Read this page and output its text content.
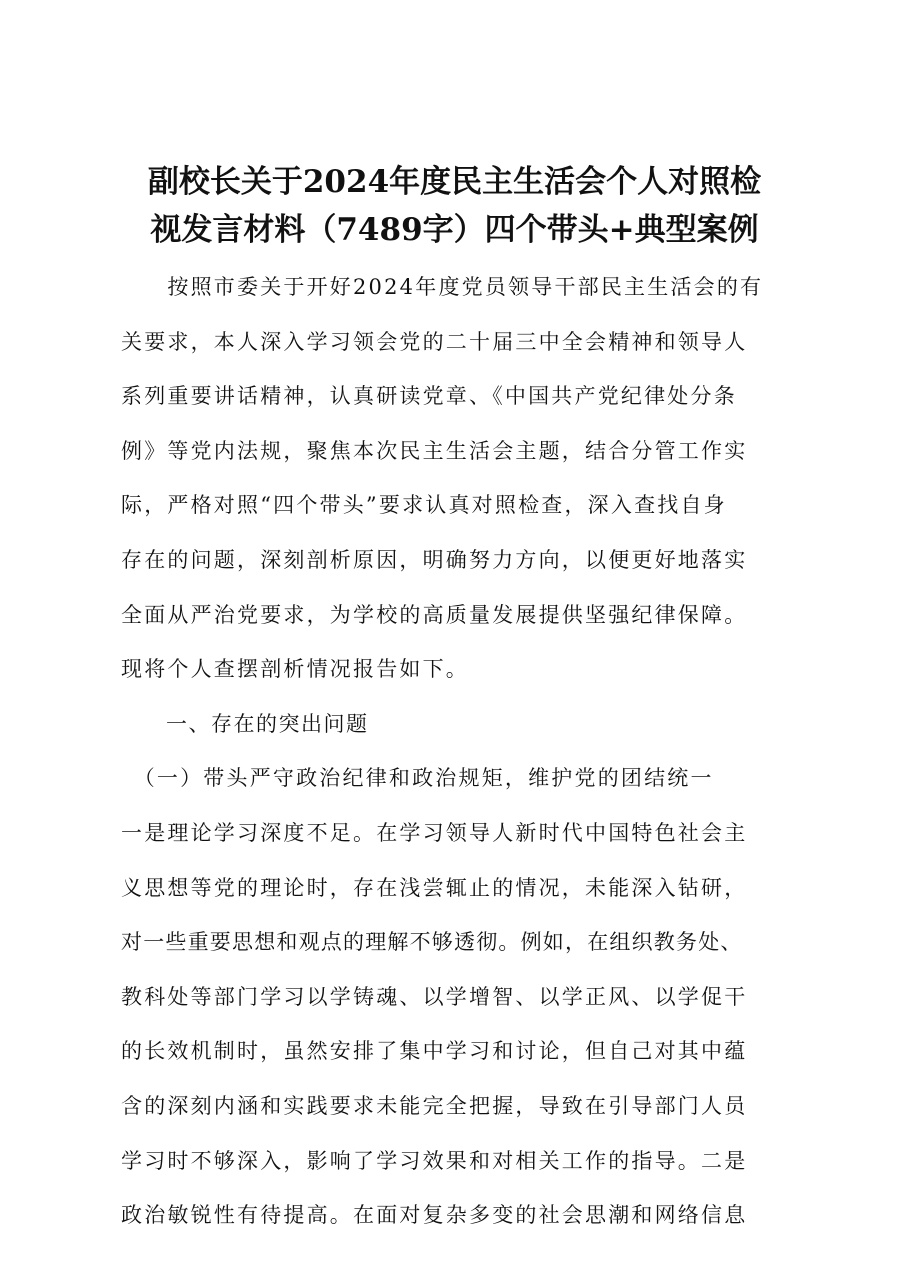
副校长关于2024年度民主生活会个人对照检
视发言材料（7489字）四个带头+典型案例
　　按照市委关于开好2024年度党员领导干部民主生活会的有
关要求，本人深入学习领会党的二十届三中全会精神和领导人
系列重要讲话精神，认真研读党章、《中国共产党纪律处分条
例》等党内法规，聚焦本次民主生活会主题，结合分管工作实
际，严格对照“四个带头”要求认真对照检查，深入查找自身
存在的问题，深刻剖析原因，明确努力方向，以便更好地落实
全面从严治党要求，为学校的高质量发展提供坚强纪律保障。
现将个人查摆剖析情况报告如下。
　　一、存在的突出问题
　（一）带头严守政治纪律和政治规矩，维护党的团结统一
一是理论学习深度不足。在学习领导人新时代中国特色社会主
义思想等党的理论时，存在浅尝辄止的情况，未能深入钻研，
对一些重要思想和观点的理解不够透彻。例如，在组织教务处、
教科处等部门学习以学铸魂、以学增智、以学正风、以学促干
的长效机制时，虽然安排了集中学习和讨论，但自己对其中蕴
含的深刻内涵和实践要求未能完全把握，导致在引导部门人员
学习时不够深入，影响了学习效果和对相关工作的指导。二是
政治敏锐性有待提高。在面对复杂多变的社会思潮和网络信息
